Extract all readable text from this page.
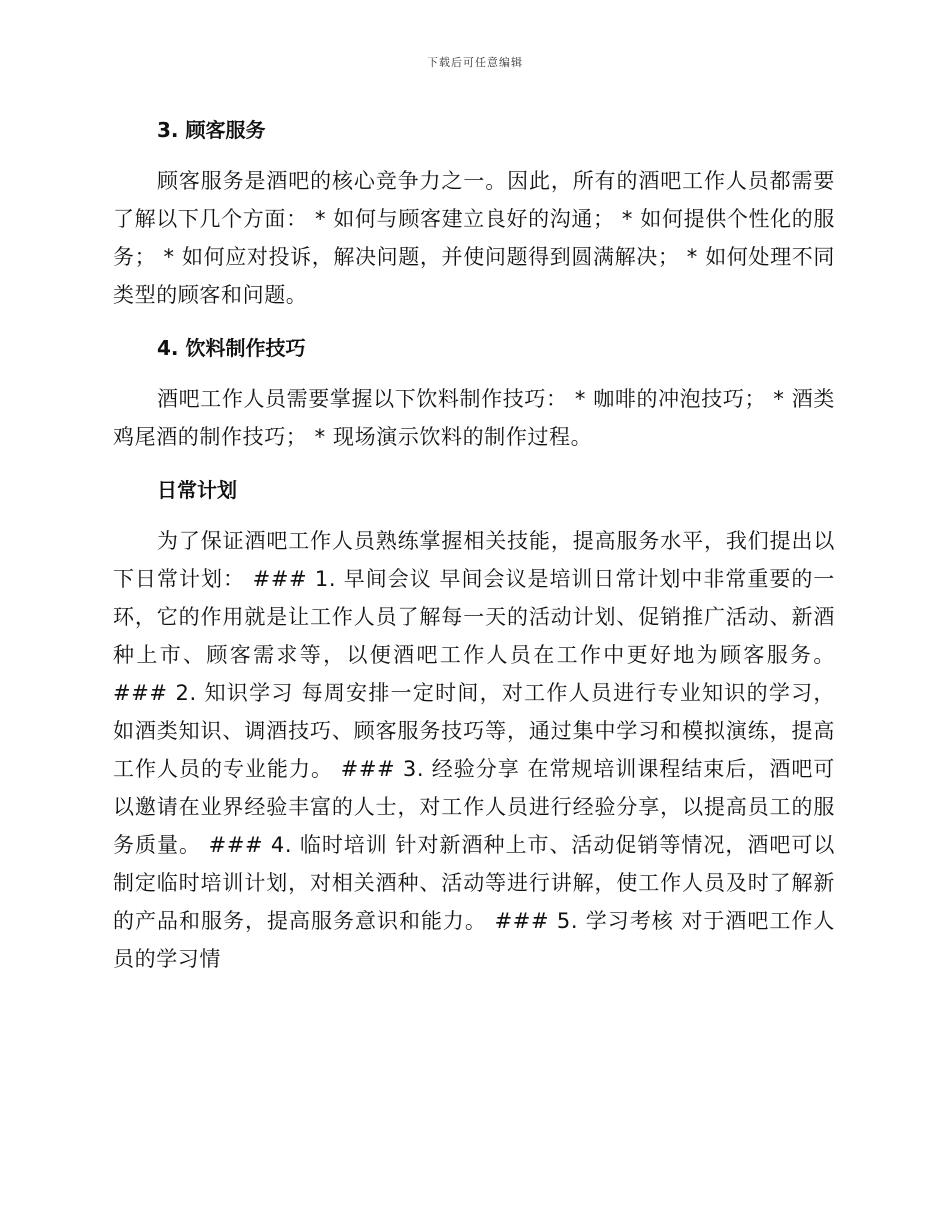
下载后可任意编辑
3. 顾客服务

顾客服务是酒吧的核心竞争力之一。因此，所有的酒吧工作人员都需要了解以下几个方面： * 如何与顾客建立良好的沟通； * 如何提供个性化的服务； * 如何应对投诉，解决问题，并使问题得到圆满解决； * 如何处理不同类型的顾客和问题。

4. 饮料制作技巧

酒吧工作人员需要掌握以下饮料制作技巧： * 咖啡的冲泡技巧； * 酒类鸡尾酒的制作技巧； * 现场演示饮料的制作过程。

日常计划

为了保证酒吧工作人员熟练掌握相关技能，提高服务水平，我们提出以下日常计划： ### 1. 早间会议 早间会议是培训日常计划中非常重要的一环，它的作用就是让工作人员了解每一天的活动计划、促销推广活动、新酒种上市、顾客需求等，以便酒吧工作人员在工作中更好地为顾客服务。 ### 2. 知识学习 每周安排一定时间，对工作人员进行专业知识的学习，如酒类知识、调酒技巧、顾客服务技巧等，通过集中学习和模拟演练，提高工作人员的专业能力。 ### 3. 经验分享 在常规培训课程结束后，酒吧可以邀请在业界经验丰富的人士，对工作人员进行经验分享，以提高员工的服务质量。 ### 4. 临时培训 针对新酒种上市、活动促销等情况，酒吧可以制定临时培训计划，对相关酒种、活动等进行讲解，使工作人员及时了解新的产品和服务，提高服务意识和能力。 ### 5. 学习考核 对于酒吧工作人员的学习情
